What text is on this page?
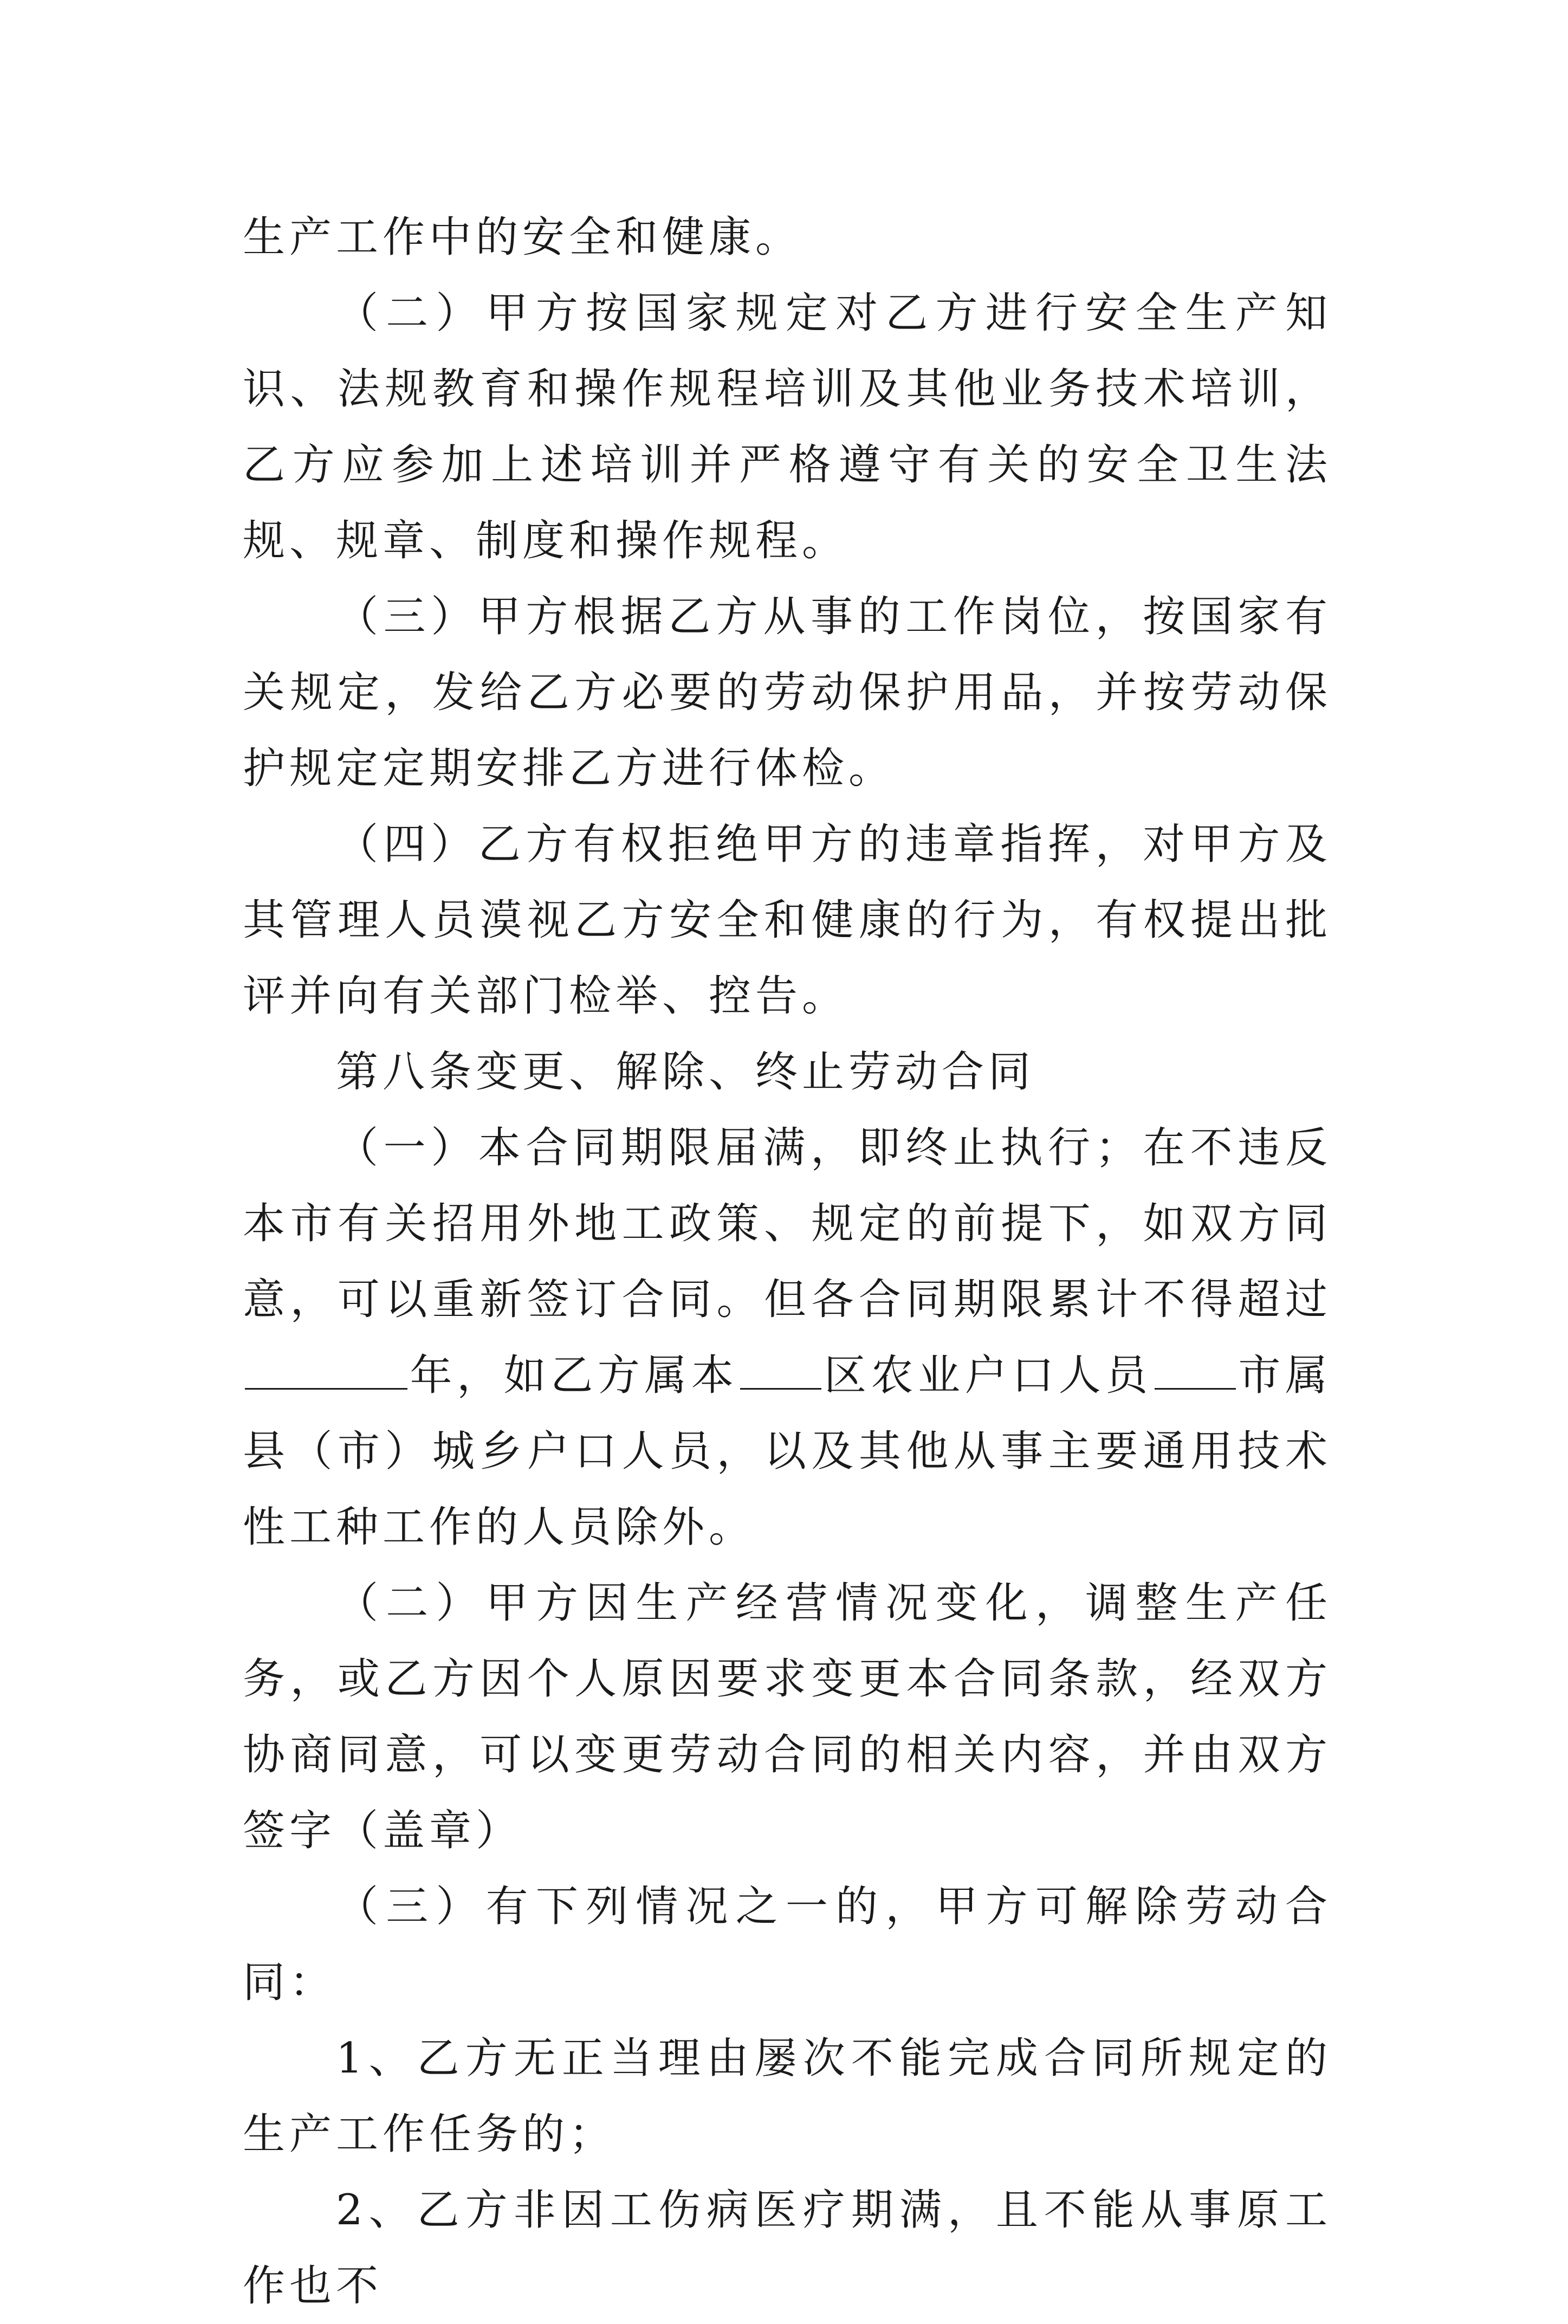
生产工作中的安全和健康。

（二）甲方按国家规定对乙方进行安全生产知识、法规教育和操作规程培训及其他业务技术培训，乙方应参加上述培训并严格遵守有关的安全卫生法规、规章、制度和操作规程。

（三）甲方根据乙方从事的工作岗位，按国家有关规定，发给乙方必要的劳动保护用品，并按劳动保护规定定期安排乙方进行体检。

（四）乙方有权拒绝甲方的违章指挥，对甲方及其管理人员漠视乙方安全和健康的行为，有权提出批评并向有关部门检举、控告。

第八条变更、解除、终止劳动合同

（一）本合同期限届满，即终止执行；在不违反本市有关招用外地工政策、规定的前提下，如双方同意，可以重新签订合同。但各合同期限累计不得超过年，如乙方属本 区农业户口人员 市属县（市）城乡户口人员，以及其他从事主要通用技术性工种工作的人员除外。

（二）甲方因生产经营情况变化，调整生产任务，或乙方因个人原因要求变更本合同条款，经双方协商同意，可以变更劳动合同的相关内容，并由双方签字（盖章）

（三）有下列情况之一的，甲方可解除劳动合同：

1、乙方无正当理由屡次不能完成合同所规定的生产工作任务的；

2、乙方非因工伤病医疗期满，且不能从事原工作也不
